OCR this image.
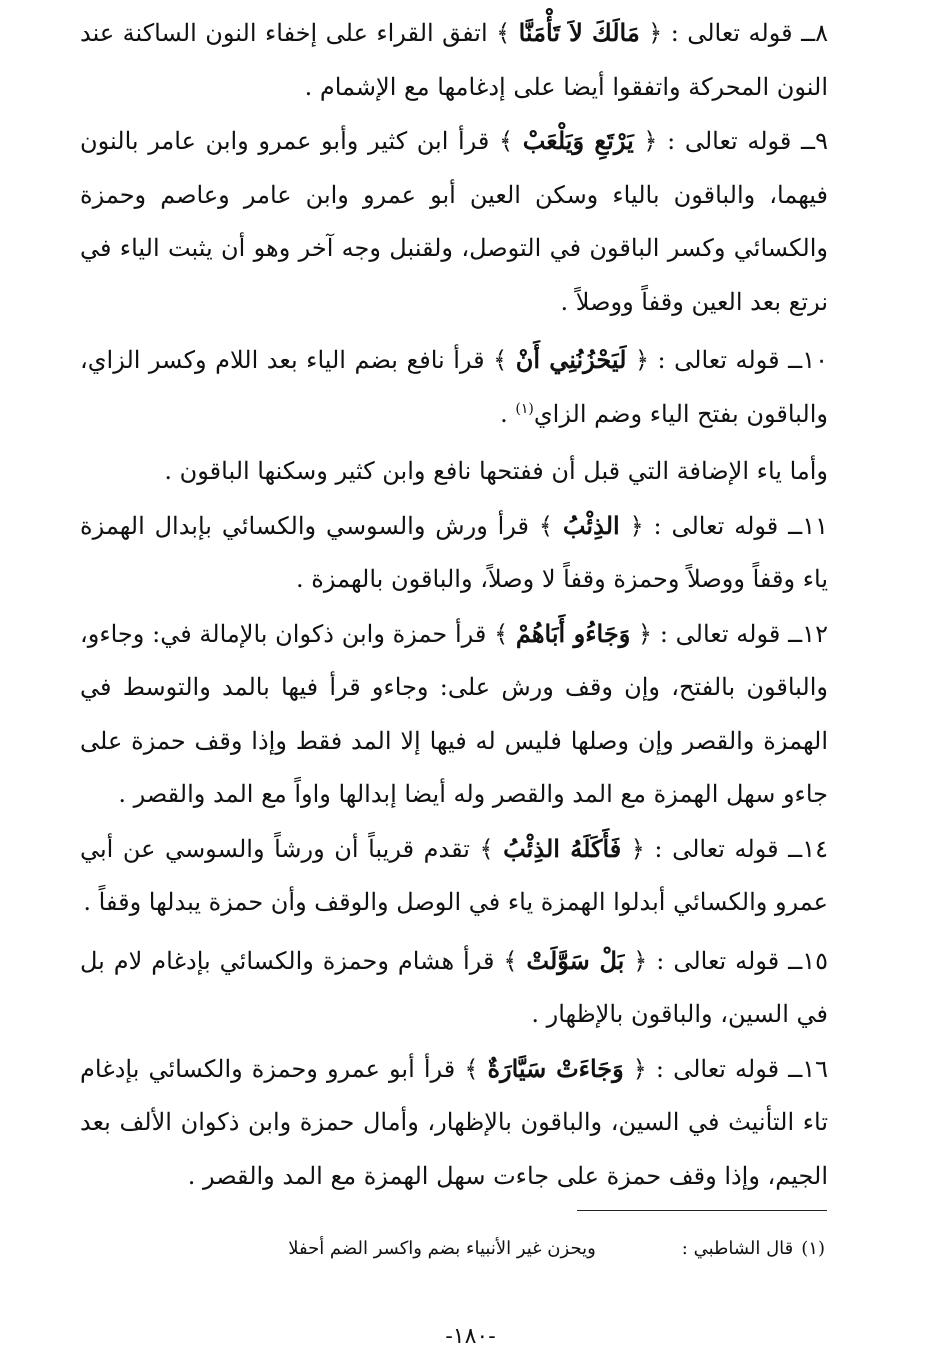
٨ــ قوله تعالى : ﴿ مَالَكَ لاَ تَأْمَنَّا ﴾ اتفق القراء على إخفاء النون الساكنة عند النون المحركة واتفقوا أيضا على إدغامها مع الإشمام .

٩ــ قوله تعالى : ﴿ يَرْتَعِ وَيَلْعَبْ ﴾ قرأ ابن كثير وأبو عمرو وابن عامر بالنون فيهما، والباقون بالياء وسكن العين أبو عمرو وابن عامر وعاصم وحمزة والكسائي وكسر الباقون في التوصل، ولقنبل وجه آخر وهو أن يثبت الياء في نرتع بعد العين وقفاً ووصلاً .

١٠ــ قوله تعالى : ﴿ لَيَحْزُنُنِي أَنْ ﴾ قرأ نافع بضم الياء بعد اللام وكسر الزاي، والباقون بفتح الياء وضم الزاي$^{(١)}$ .

وأما ياء الإضافة التي قبل أن ففتحها نافع وابن كثير وسكنها الباقون .

١١ــ قوله تعالى : ﴿ الذِئْبُ ﴾ قرأ ورش والسوسي والكسائي بإبدال الهمزة ياء وقفاً ووصلاً وحمزة وقفاً لا وصلاً، والباقون بالهمزة .

١٢ــ قوله تعالى : ﴿ وَجَاءُو أَبَاهُمْ ﴾ قرأ حمزة وابن ذكوان بالإمالة في: وجاءو، والباقون بالفتح، وإن وقف ورش على: وجاءو قرأ فيها بالمد والتوسط في الهمزة والقصر وإن وصلها فليس له فيها إلا المد فقط وإذا وقف حمزة على جاءو سهل الهمزة مع المد والقصر وله أيضا إبدالها واواً مع المد والقصر .

١٤ــ قوله تعالى : ﴿ فَأَكَلَهُ الذِئْبُ ﴾ تقدم قريباً أن ورشاً والسوسي عن أبي عمرو والكسائي أبدلوا الهمزة ياء في الوصل والوقف وأن حمزة يبدلها وقفاً .

١٥ــ قوله تعالى : ﴿ بَلْ سَوَّلَتْ ﴾ قرأ هشام وحمزة والكسائي بإدغام لام بل في السين، والباقون بالإظهار .

١٦ــ قوله تعالى : ﴿ وَجَاءَتْ سَيَّارَةٌ ﴾ قرأ أبو عمرو وحمزة والكسائي بإدغام تاء التأنيث في السين، والباقون بالإظهار، وأمال حمزة وابن ذكوان الألف بعد الجيم، وإذا وقف حمزة على جاءت سهل الهمزة مع المد والقصر .

(١)
قال الشاطبي :
ويحزن غير الأنبياء بضم واكسر الضم أحفلا
-١٨٠-
